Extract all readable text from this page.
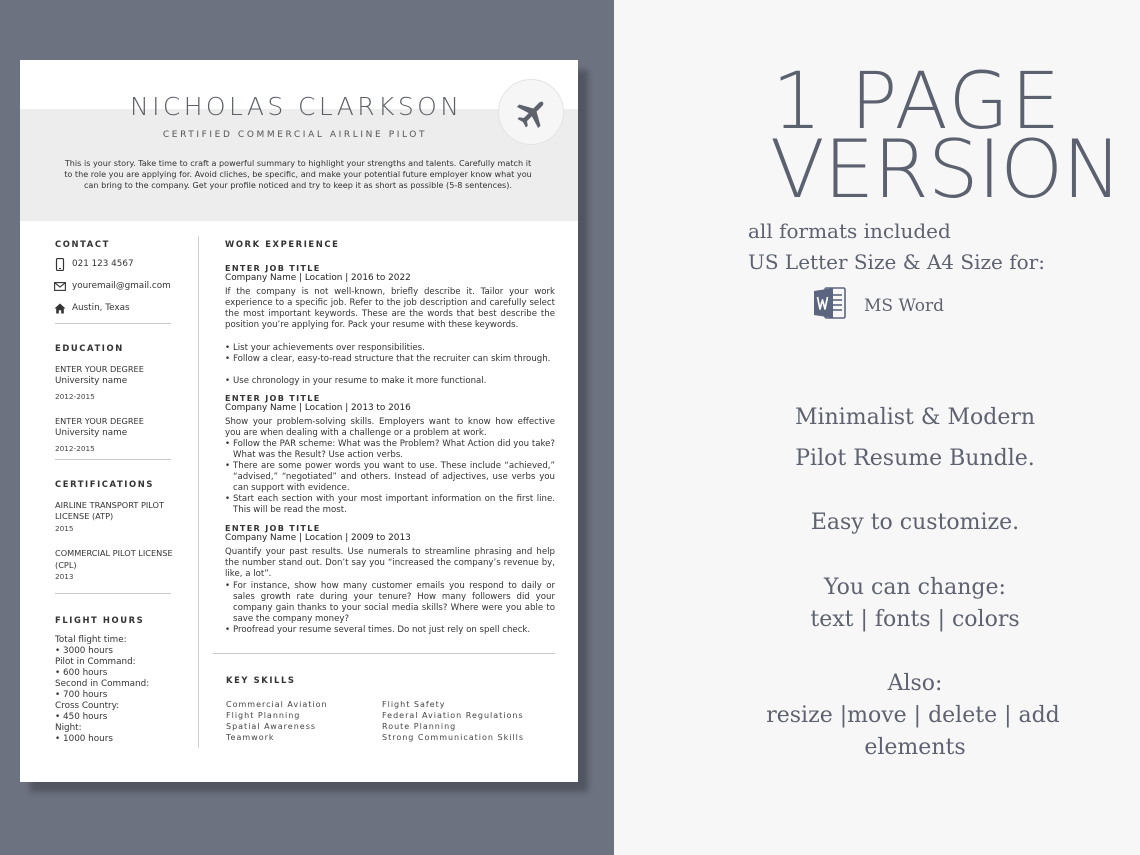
NICHOLAS CLARKSON
CERTIFIED COMMERCIAL AIRLINE PILOT
This is your story. Take time to craft a powerful summary to highlight your strengths and talents. Carefully match it to the role you are applying for. Avoid cliches, be specific, and make your potential future employer know what you can bring to the company. Get your profile noticed and try to keep it as short as possible (5-8 sentences).
CONTACT
021 123 4567
youremail@gmail.com
Austin, Texas
EDUCATION
ENTER YOUR DEGREE
University name
2012-2015
ENTER YOUR DEGREE
University name
2012-2015
CERTIFICATIONS
AIRLINE TRANSPORT PILOT
LICENSE (ATP)
2015
COMMERCIAL PILOT LICENSE
(CPL)
2013
FLIGHT HOURS
Total flight time:
• 3000 hours
Pilot in Command:
• 600 hours
Second in Command:
• 700 hours
Cross Country:
• 450 hours
Night:
• 1000 hours
WORK EXPERIENCE
ENTER JOB TITLE
Company Name | Location | 2016 to 2022
If the company is not well-known, briefly describe it. Tailor your work experience to a specific job. Refer to the job description and carefully select the most important keywords. These are the words that best describe the position you’re applying for. Pack your resume with these keywords.
• List your achievements over responsibilities.
• Follow a clear, easy-to-read structure that the recruiter can skim through.
• Use chronology in your resume to make it more functional.
ENTER JOB TITLE
Company Name | Location | 2013 to 2016
Show your problem-solving skills. Employers want to know how effective you are when dealing with a challenge or a problem at work.
• Follow the PAR scheme: What was the Problem? What Action did you take? What was the Result? Use action verbs.
• There are some power words you want to use. These include “achieved,” “advised,” “negotiated” and others. Instead of adjectives, use verbs you can support with evidence.
• Start each section with your most important information on the first line. This will be read the most.
ENTER JOB TITLE
Company Name | Location | 2009 to 2013
Quantify your past results. Use numerals to streamline phrasing and help the number stand out. Don’t say you “increased the company’s revenue by, like, a lot”.
• For instance, show how many customer emails you respond to daily or sales growth rate during your tenure? How many followers did your company gain thanks to your social media skills? Where were you able to save the company money?
• Proofread your resume several times. Do not just rely on spell check.
KEY SKILLS
Commercial Aviation
Flight Planning
Spatial Awareness
Teamwork
Flight Safety
Federal Aviation Regulations
Route Planning
Strong Communication Skills
1 PAGE
VERSION
all formats included
US Letter Size & A4 Size for:
MS Word
Minimalist & Modern
Pilot Resume Bundle.
Easy to customize.
You can change:
text | fonts | colors
Also:
resize |move | delete | add
elements
